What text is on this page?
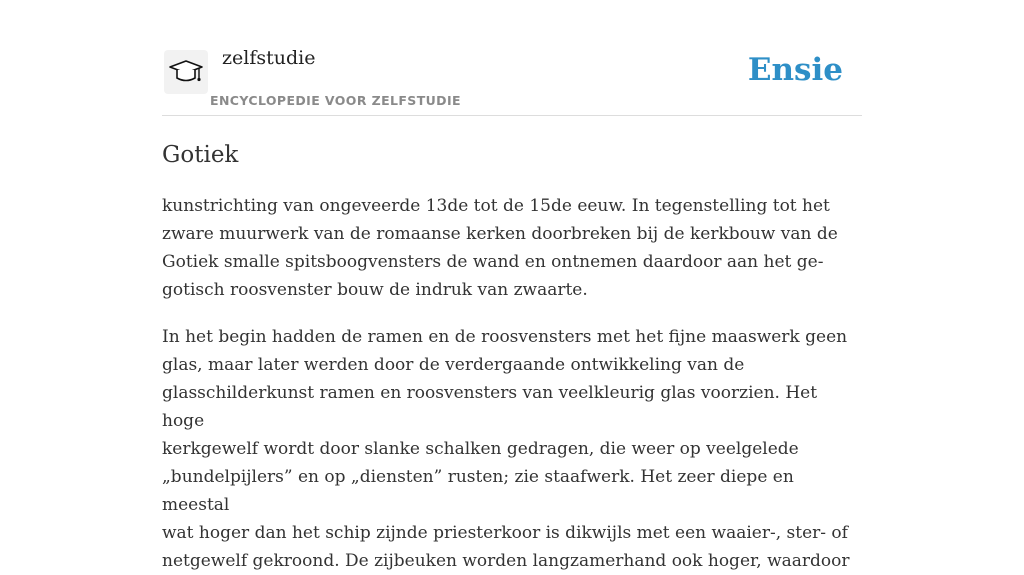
zelfstudie
ENCYCLOPEDIE VOOR ZELFSTUDIE
Ensie
Gotiek

kunstrichting van ongeveerde 13de tot de 15de eeuw. In tegenstelling tot het
zware muurwerk van de romaanse kerken doorbreken bij de kerkbouw van de
Gotiek smalle spitsboogvensters de wand en ontnemen daardoor aan het ge-
gotisch roosvenster bouw de indruk van zwaarte.

In het begin hadden de ramen en de roosvensters met het fijne maaswerk geen
glas, maar later werden door de verdergaande ontwikkeling van de
glasschilderkunst ramen en roosvensters van veelkleurig glas voorzien. Het hoge
kerkgewelf wordt door slanke schalken gedragen, die weer op veelgelede
„bundelpijlers” en op „diensten” rusten; zie staafwerk. Het zeer diepe en meestal
wat hoger dan het schip zijnde priesterkoor is dikwijls met een waaier-, ster- of
netgewelf gekroond. De zijbeuken worden langzamerhand ook hoger, waardoor
